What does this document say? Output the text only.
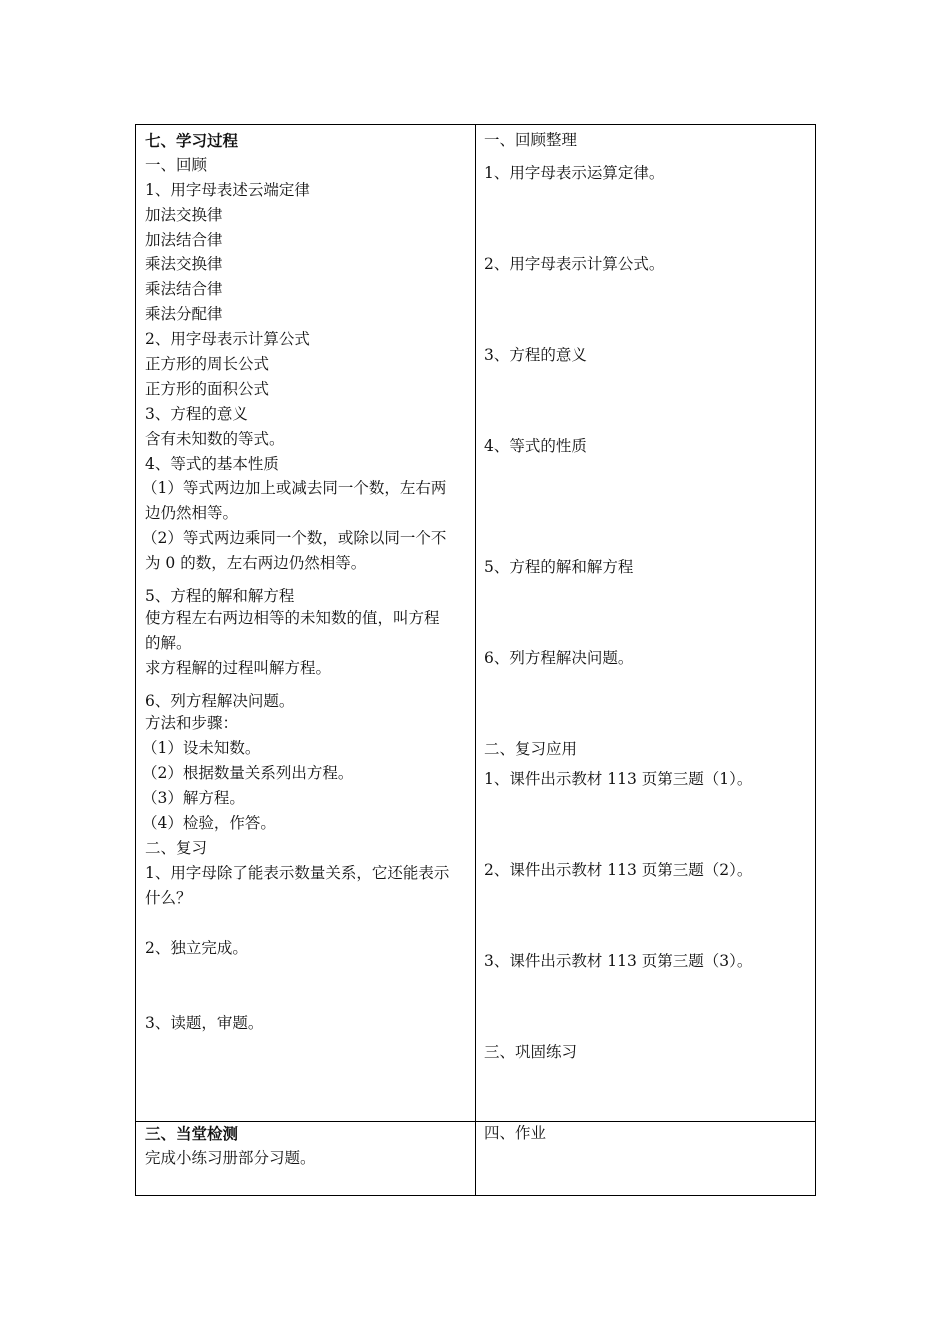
七、学习过程
一、回顾
1、用字母表述云端定律
加法交换律
加法结合律
乘法交换律
乘法结合律
乘法分配律
2、用字母表示计算公式
正方形的周长公式
正方形的面积公式
3、方程的意义
含有未知数的等式。
4、等式的基本性质
（1）等式两边加上或减去同一个数，左右两
边仍然相等。
（2）等式两边乘同一个数，或除以同一个不
为 0 的数，左右两边仍然相等。
5、方程的解和解方程
使方程左右两边相等的未知数的值，叫方程
的解。
求方程解的过程叫解方程。
6、列方程解决问题。
方法和步骤：
（1）设未知数。
（2）根据数量关系列出方程。
（3）解方程。
（4）检验，作答。
二、复习
1、用字母除了能表示数量关系，它还能表示
什么？
2、独立完成。
3、读题，审题。
一、回顾整理
1、用字母表示运算定律。
2、用字母表示计算公式。
3、方程的意义
4、等式的性质
5、方程的解和解方程
6、列方程解决问题。
二、复习应用
1、课件出示教材 113 页第三题（1）。
2、课件出示教材 113 页第三题（2）。
3、课件出示教材 113 页第三题（3）。
三、巩固练习
三、当堂检测
完成小练习册部分习题。
四、作业
